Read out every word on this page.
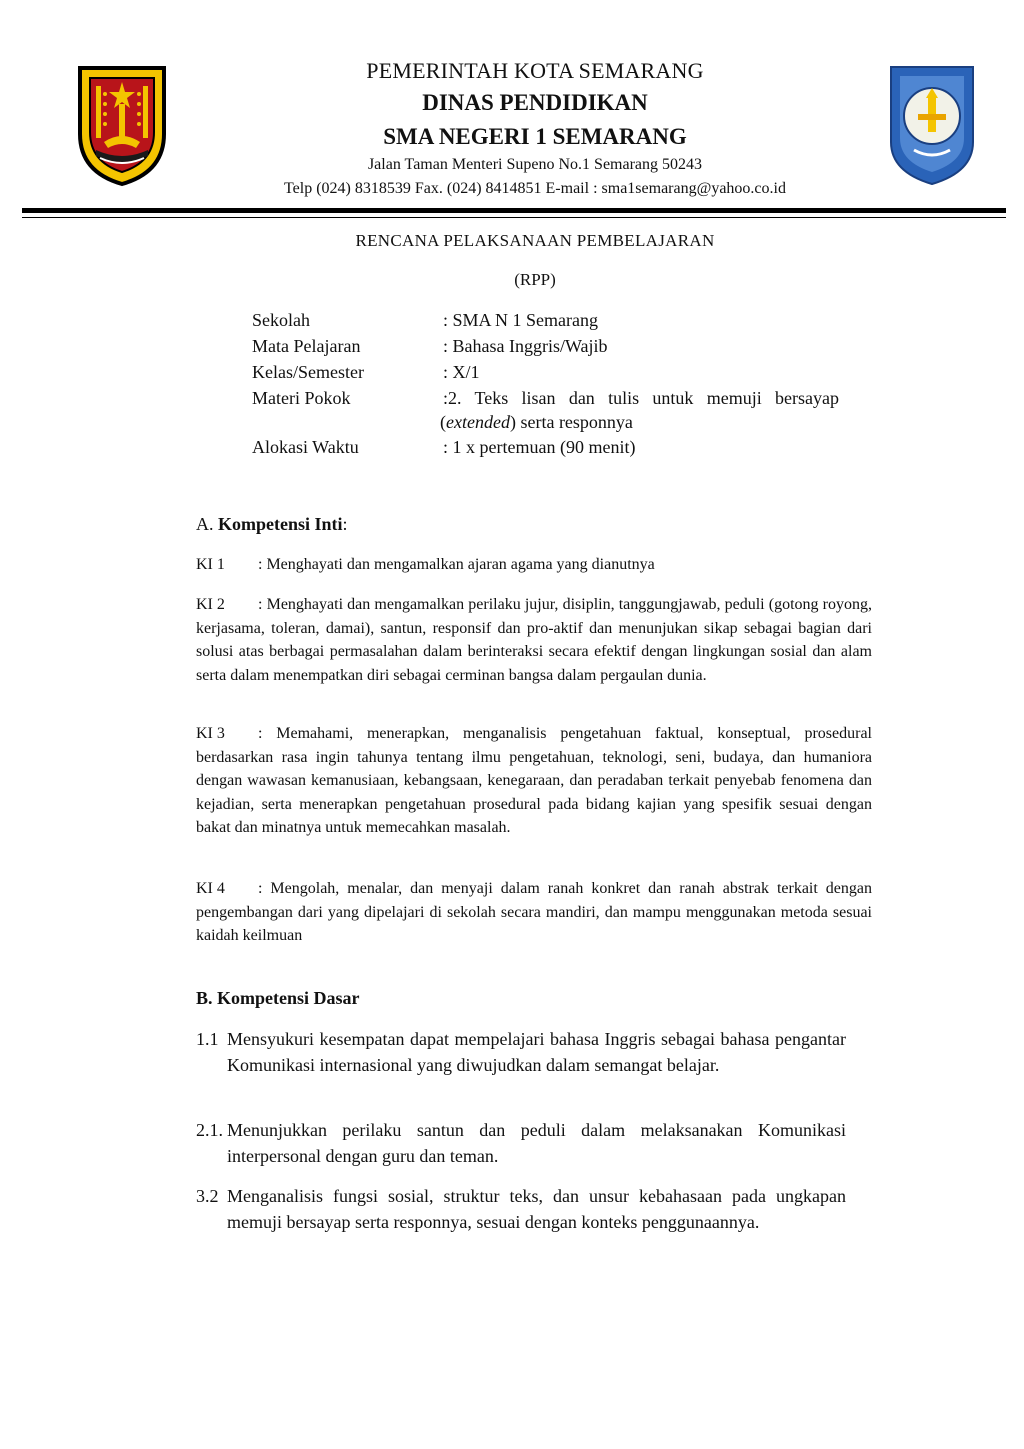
PEMERINTAH KOTA SEMARANG
DINAS PENDIDIKAN
SMA NEGERI 1 SEMARANG
Jalan Taman Menteri Supeno No.1 Semarang 50243
Telp (024) 8318539 Fax. (024) 8414851 E-mail : sma1semarang@yahoo.co.id
RENCANA PELAKSANAAN PEMBELAJARAN
(RPP)
Sekolah	: SMA N 1 Semarang
Mata Pelajaran	: Bahasa Inggris/Wajib
Kelas/Semester	: X/1
Materi Pokok	:2. Teks lisan dan tulis untuk memuji bersayap
(extended) serta responnya
Alokasi Waktu	: 1 x pertemuan (90 menit)
A. Kompetensi Inti:
KI 1 : Menghayati dan mengamalkan ajaran agama yang dianutnya
KI 2 : Menghayati dan mengamalkan perilaku jujur, disiplin, tanggungjawab, peduli (gotong royong, kerjasama, toleran, damai), santun, responsif dan pro-aktif dan menunjukan sikap sebagai bagian dari solusi atas berbagai permasalahan dalam berinteraksi secara efektif dengan lingkungan sosial dan alam serta dalam menempatkan diri sebagai cerminan bangsa dalam pergaulan dunia.
KI 3 : Memahami, menerapkan, menganalisis pengetahuan faktual, konseptual, prosedural berdasarkan rasa ingin tahunya tentang ilmu pengetahuan, teknologi, seni, budaya, dan humaniora dengan wawasan kemanusiaan, kebangsaan, kenegaraan, dan peradaban terkait penyebab fenomena dan kejadian, serta menerapkan pengetahuan prosedural pada bidang kajian yang spesifik sesuai dengan bakat dan minatnya untuk memecahkan masalah.
KI 4 : Mengolah, menalar, dan menyaji dalam ranah konkret dan ranah abstrak terkait dengan pengembangan dari yang dipelajari di sekolah secara mandiri, dan mampu menggunakan metoda sesuai kaidah keilmuan
B. Kompetensi Dasar
1.1 Mensyukuri kesempatan dapat mempelajari bahasa Inggris sebagai bahasa pengantar Komunikasi internasional yang diwujudkan dalam semangat belajar.
2.1. Menunjukkan perilaku santun dan peduli dalam melaksanakan Komunikasi interpersonal dengan guru dan teman.
3.2 Menganalisis fungsi sosial, struktur teks, dan unsur kebahasaan pada ungkapan memuji bersayap serta responnya, sesuai dengan konteks penggunaannya.
